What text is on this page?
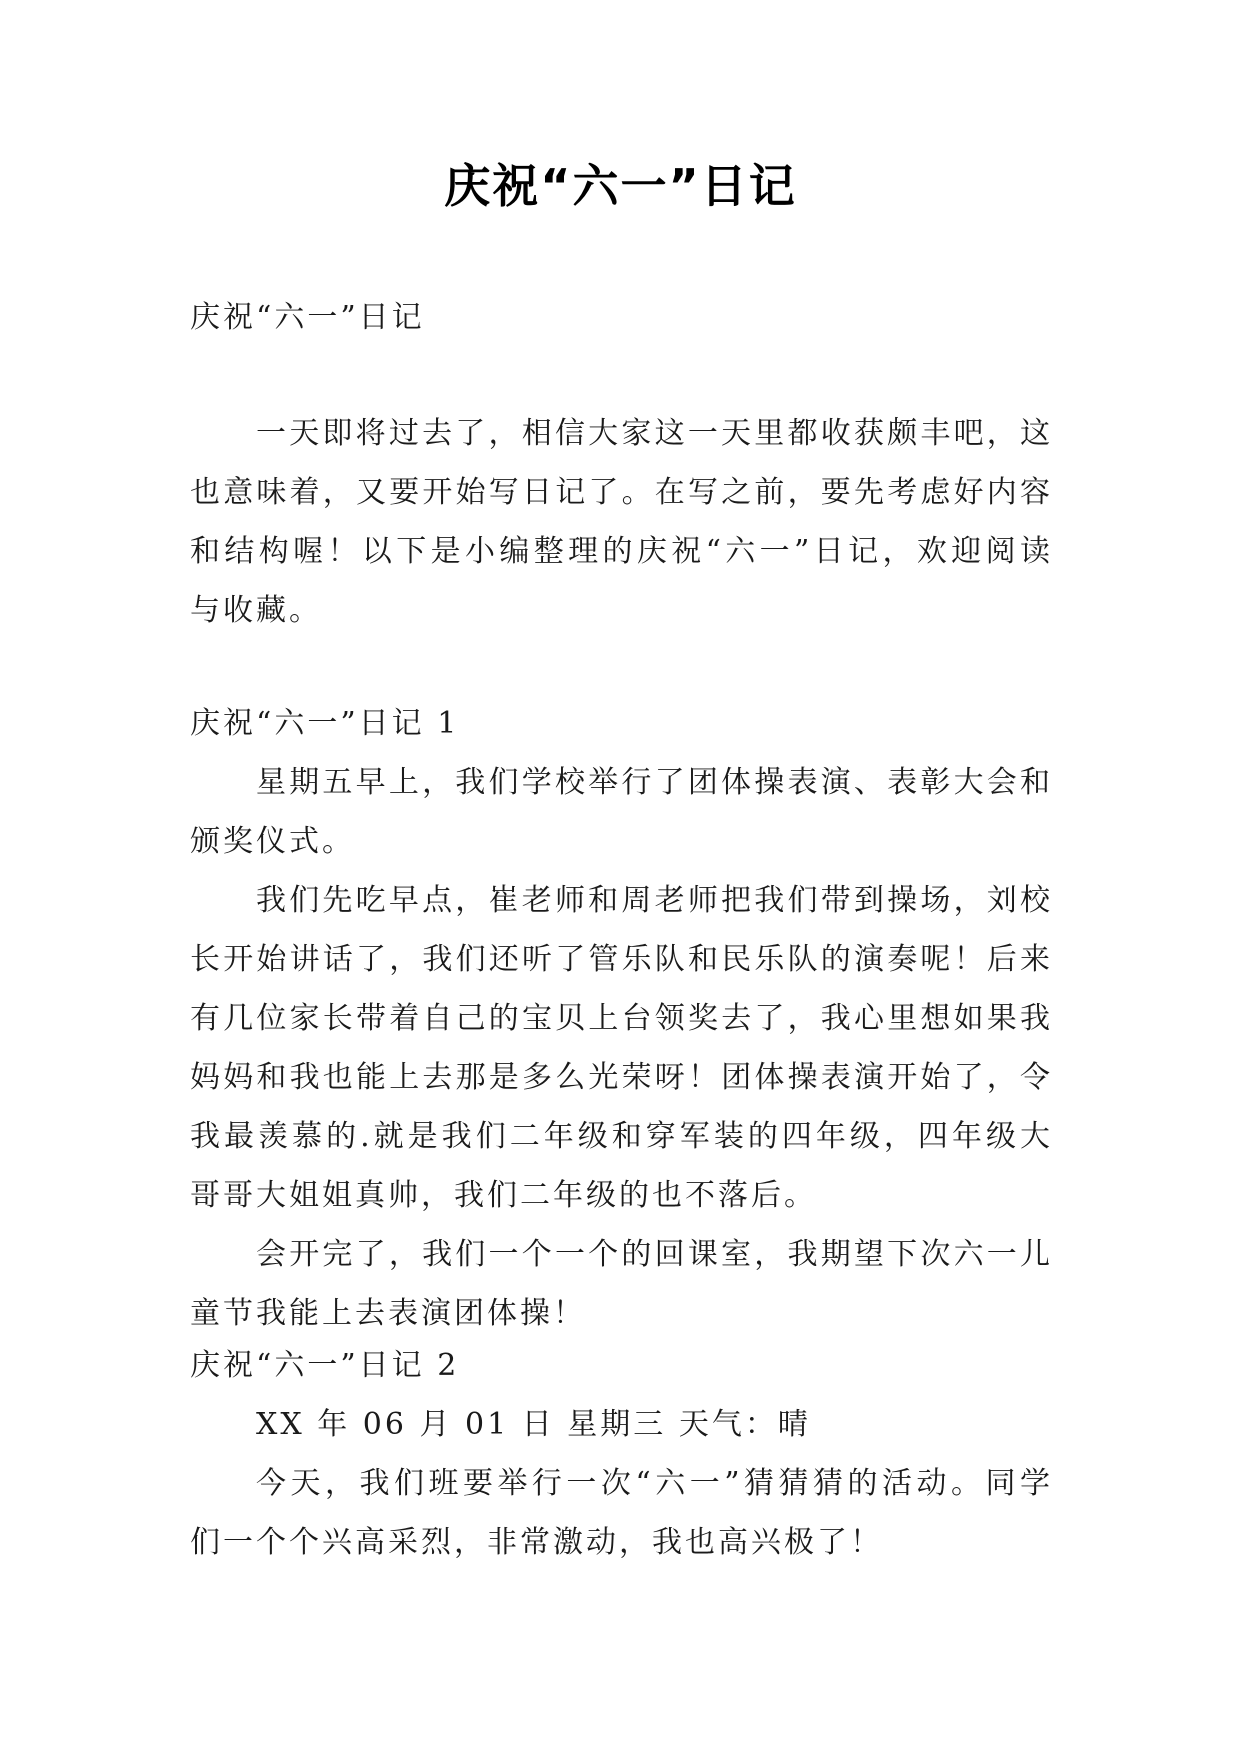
庆祝“六一”日记
庆祝“六一”日记
一天即将过去了，相信大家这一天里都收获颇丰吧，这
也意味着，又要开始写日记了。在写之前，要先考虑好内容
和结构喔！以下是小编整理的庆祝“六一”日记，欢迎阅读
与收藏。
庆祝“六一”日记 1
星期五早上，我们学校举行了团体操表演、表彰大会和
颁奖仪式。
我们先吃早点，崔老师和周老师把我们带到操场，刘校
长开始讲话了，我们还听了管乐队和民乐队的演奏呢！后来
有几位家长带着自己的宝贝上台领奖去了，我心里想如果我
妈妈和我也能上去那是多么光荣呀！团体操表演开始了，令
我最羡慕的.就是我们二年级和穿军装的四年级，四年级大
哥哥大姐姐真帅，我们二年级的也不落后。
会开完了，我们一个一个的回课室，我期望下次六一儿
童节我能上去表演团体操！
庆祝“六一”日记 2
XX 年 06 月 01 日 星期三 天气：晴
今天，我们班要举行一次“六一”猜猜猜的活动。同学
们一个个兴高采烈，非常激动，我也高兴极了！
